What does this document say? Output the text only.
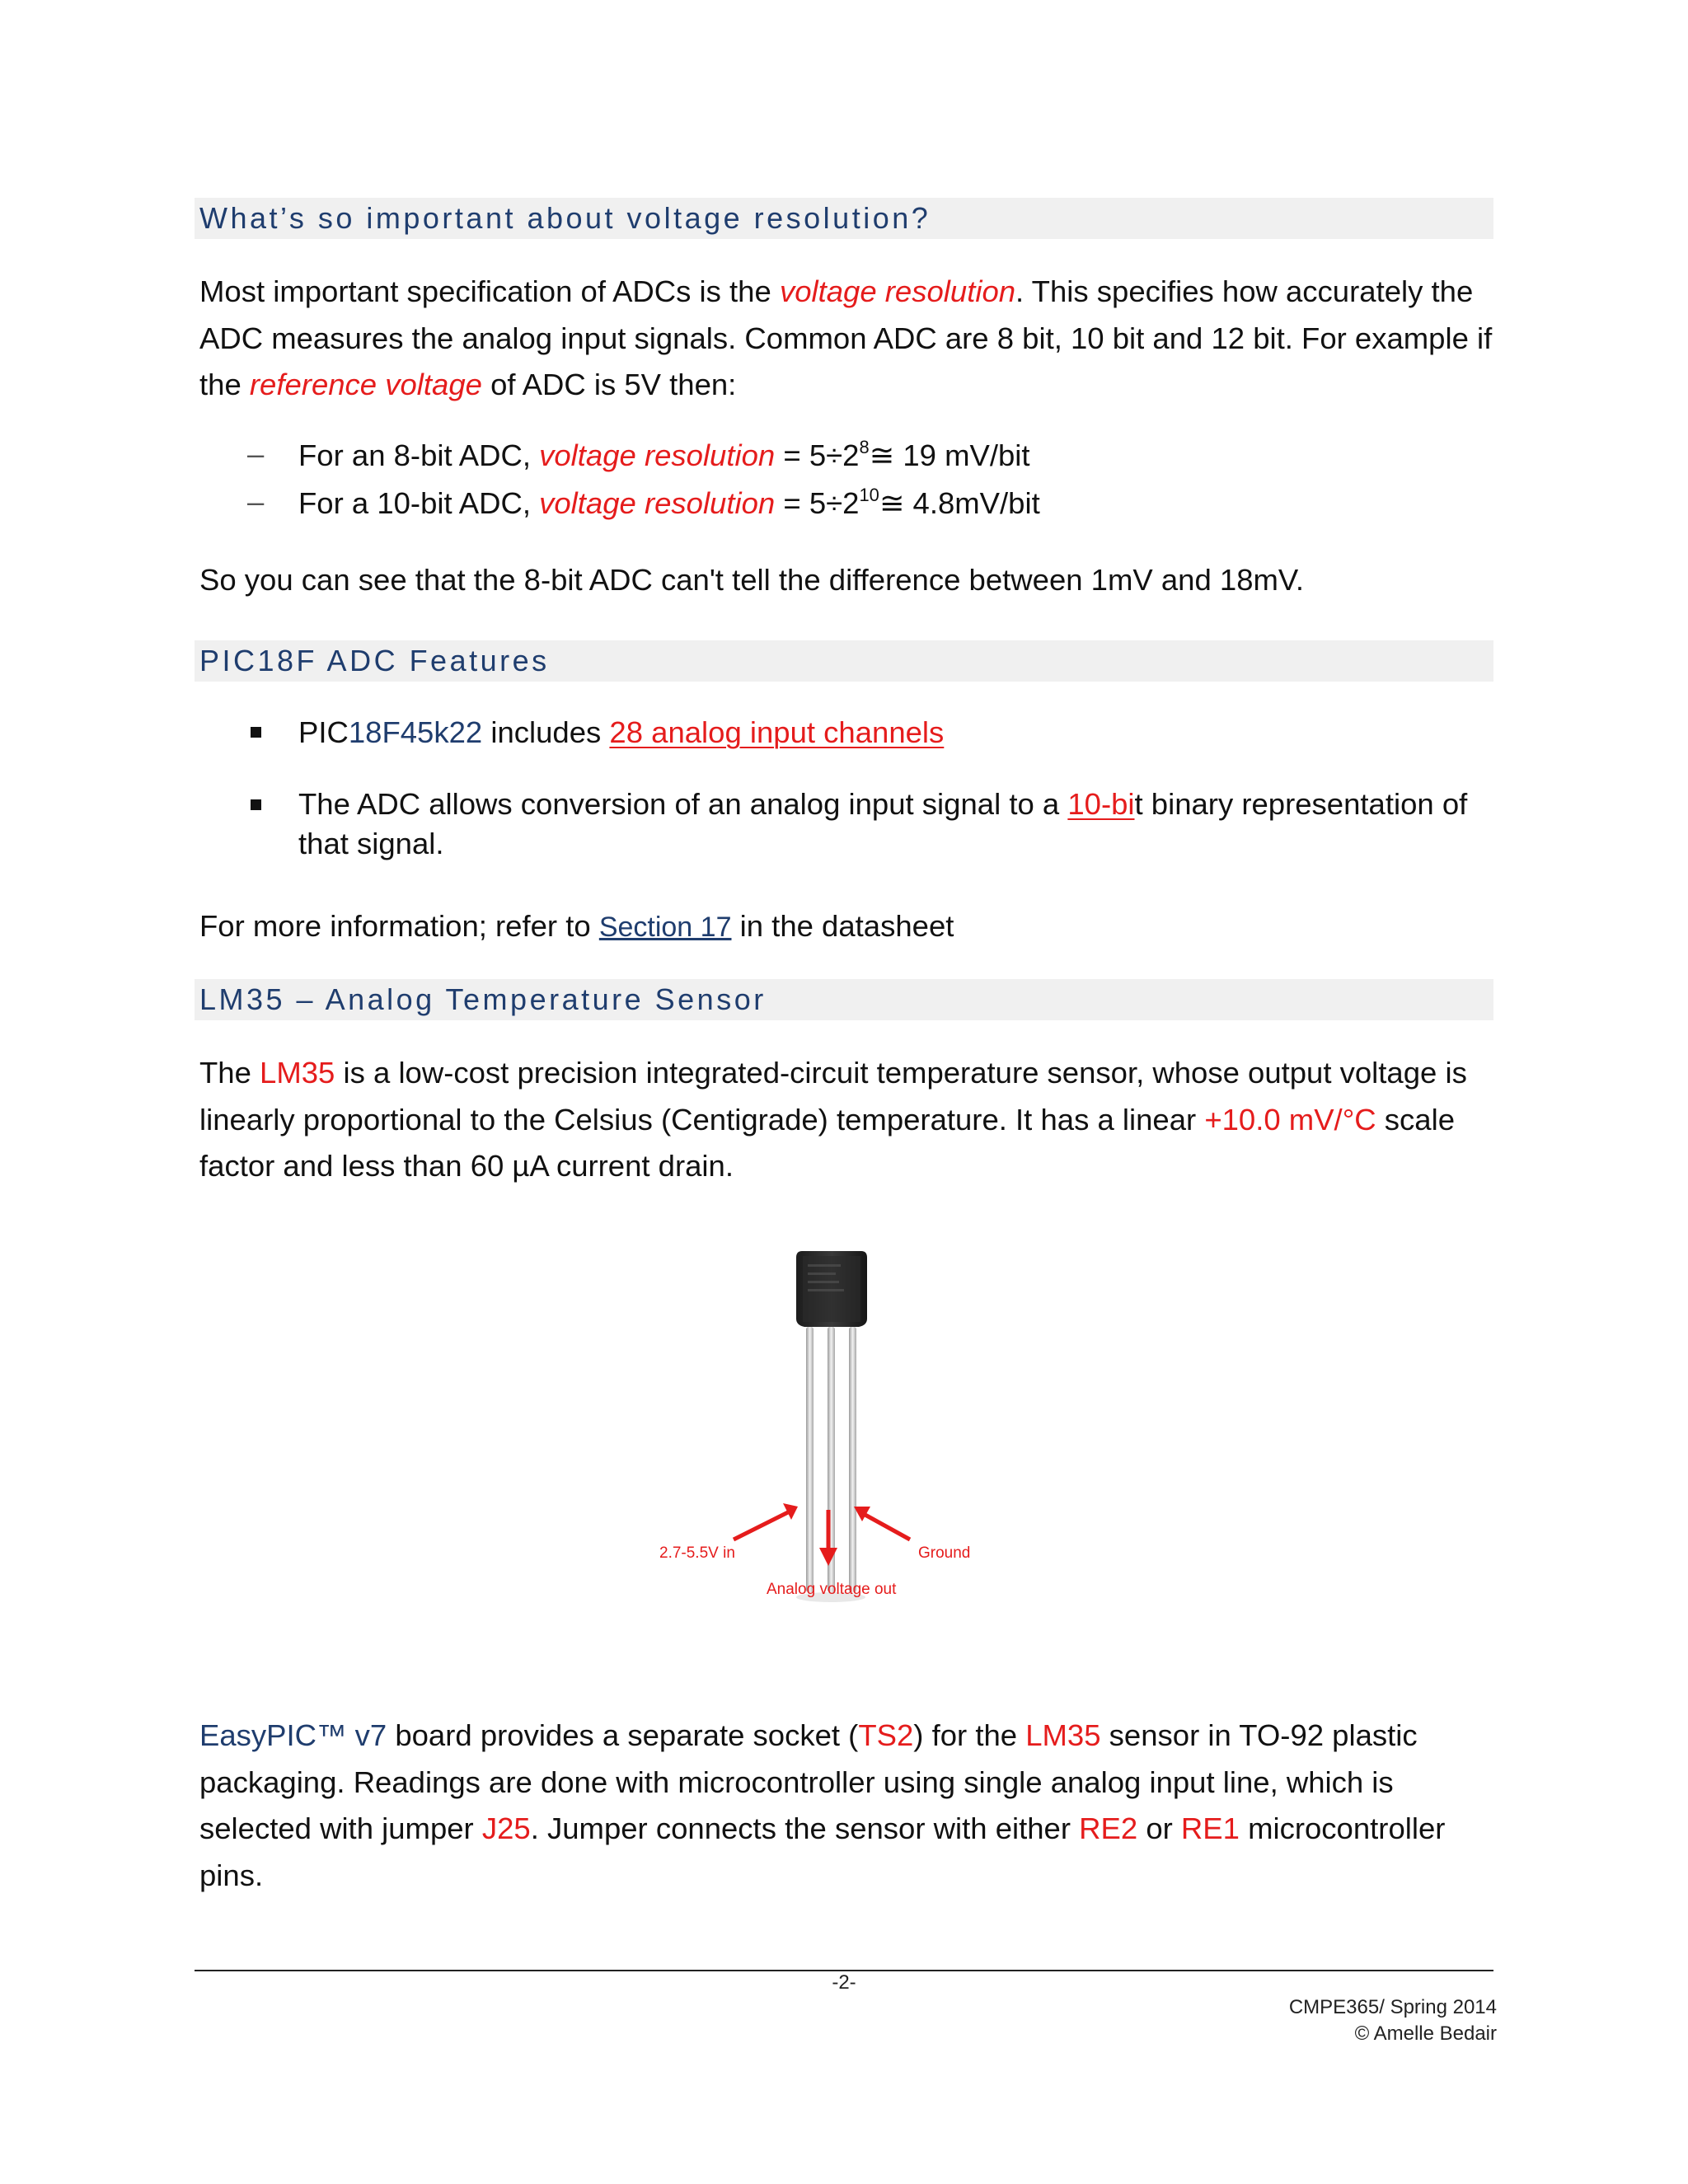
What’s so important about voltage resolution?
Most important specification of ADCs is the voltage resolution. This specifies how accurately the ADC measures the analog input signals. Common ADC are 8 bit, 10 bit and 12 bit. For example if the reference voltage of ADC is 5V then:
– For an 8-bit ADC, voltage resolution = $5\div 2^8≅$ 19 mV/bit
– For a 10-bit ADC, voltage resolution = $5\div 2^{10}≅$ 4.8mV/bit
So you can see that the 8-bit ADC can't tell the difference between 1mV and 18mV.
PIC18F ADC Features
PIC18F45k22 includes 28 analog input channels
The ADC allows conversion of an analog input signal to a 10-bit binary representation of that signal.
For more information; refer to Section 17 in the datasheet
LM35 – Analog Temperature Sensor
The LM35 is a low-cost precision integrated-circuit temperature sensor, whose output voltage is linearly proportional to the Celsius (Centigrade) temperature. It has a linear +10.0 mV/°C scale factor and less than 60 µA current drain.
2.7-5.5V in
Analog voltage out
Ground
EasyPIC™ v7 board provides a separate socket (TS2) for the LM35 sensor in TO-92 plastic packaging. Readings are done with microcontroller using single analog input line, which is selected with jumper J25. Jumper connects the sensor with either RE2 or RE1 microcontroller pins.
-2-
CMPE365/ Spring 2014
© Amelle Bedair
